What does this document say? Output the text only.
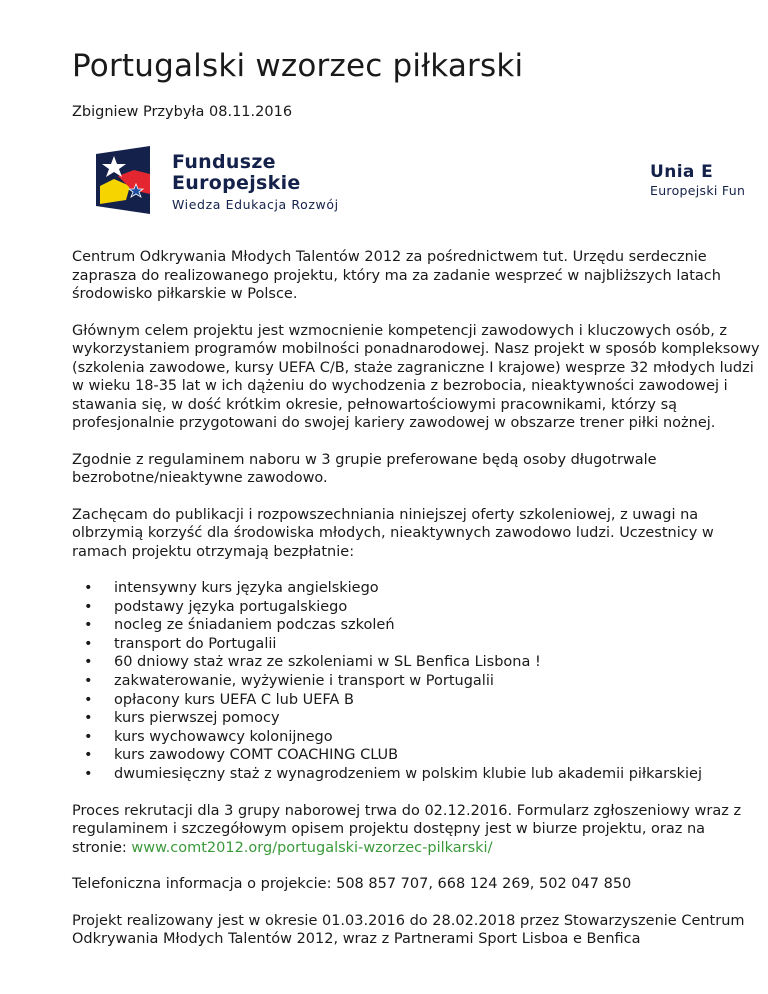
Portugalski wzorzec piłkarski
Zbigniew Przybyła 08.11.2016
Fundusze
Europejskie
Wiedza Edukacja Rozwój
Unia E
Europejski Fun

Centrum Odkrywania Młodych Talentów 2012 za pośrednictwem tut. Urzędu serdecznie zaprasza do realizowanego projektu, który ma za zadanie wesprzeć w najbliższych latach środowisko piłkarskie w Polsce.

Głównym celem projektu jest wzmocnienie kompetencji zawodowych i kluczowych osób, z wykorzystaniem programów mobilności ponadnarodowej. Nasz projekt w sposób kompleksowy (szkolenia zawodowe, kursy UEFA C/B, staże zagraniczne I krajowe) wesprze 32 młodych ludzi w wieku 18-35 lat w ich dążeniu do wychodzenia z bezrobocia, nieaktywności zawodowej i stawania się, w dość krótkim okresie, pełnowartościowymi pracownikami, którzy są profesjonalnie przygotowani do swojej kariery zawodowej w obszarze trener piłki nożnej.

Zgodnie z regulaminem naboru w 3 grupie preferowane będą osoby długotrwale bezrobotne/nieaktywne zawodowo.

Zachęcam do publikacji i rozpowszechniania niniejszej oferty szkoleniowej, z uwagi na olbrzymią korzyść dla środowiska młodych, nieaktywnych zawodowo ludzi. Uczestnicy w ramach projektu otrzymają bezpłatnie:

• intensywny kurs języka angielskiego
• podstawy języka portugalskiego
• nocleg ze śniadaniem podczas szkoleń
• transport do Portugalii
• 60 dniowy staż wraz ze szkoleniami w SL Benfica Lisbona !
• zakwaterowanie, wyżywienie i transport w Portugalii
• opłacony kurs UEFA C lub UEFA B
• kurs pierwszej pomocy
• kurs wychowawcy kolonijnego
• kurs zawodowy COMT COACHING CLUB
• dwumiesięczny staż z wynagrodzeniem w polskim klubie lub akademii piłkarskiej

Proces rekrutacji dla 3 grupy naborowej trwa do 02.12.2016. Formularz zgłoszeniowy wraz z regulaminem i szczegółowym opisem projektu dostępny jest w biurze projektu, oraz na stronie: www.comt2012.org/portugalski-wzorzec-pilkarski/

Telefoniczna informacja o projekcie: 508 857 707, 668 124 269, 502 047 850

Projekt realizowany jest w okresie 01.03.2016 do 28.02.2018 przez Stowarzyszenie Centrum Odkrywania Młodych Talentów 2012, wraz z Partnerami Sport Lisboa e Benfica
